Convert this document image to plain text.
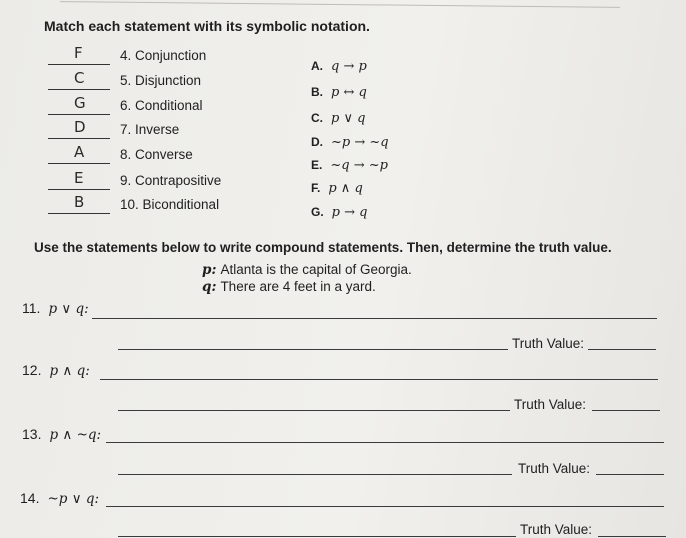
Match each statement with its symbolic notation.
F	4. Conjunction
C	5. Disjunction
G	6. Conditional
D	7. Inverse
A	8. Converse
E	9. Contrapositive
B	10. Biconditional
A. q → p
B. p ↔ q
C. p ∨ q
D. ~p → ~q
E. ~q → ~p
F. p ∧ q
G. p → q
Use the statements below to write compound statements. Then, determine the truth value.
p: Atlanta is the capital of Georgia.
q: There are 4 feet in a yard.
11. p ∨ q:
Truth Value:
12. p ∧ q:
Truth Value:
13. p ∧ ~q:
Truth Value:
14. ~p ∨ q:
Truth Value:
